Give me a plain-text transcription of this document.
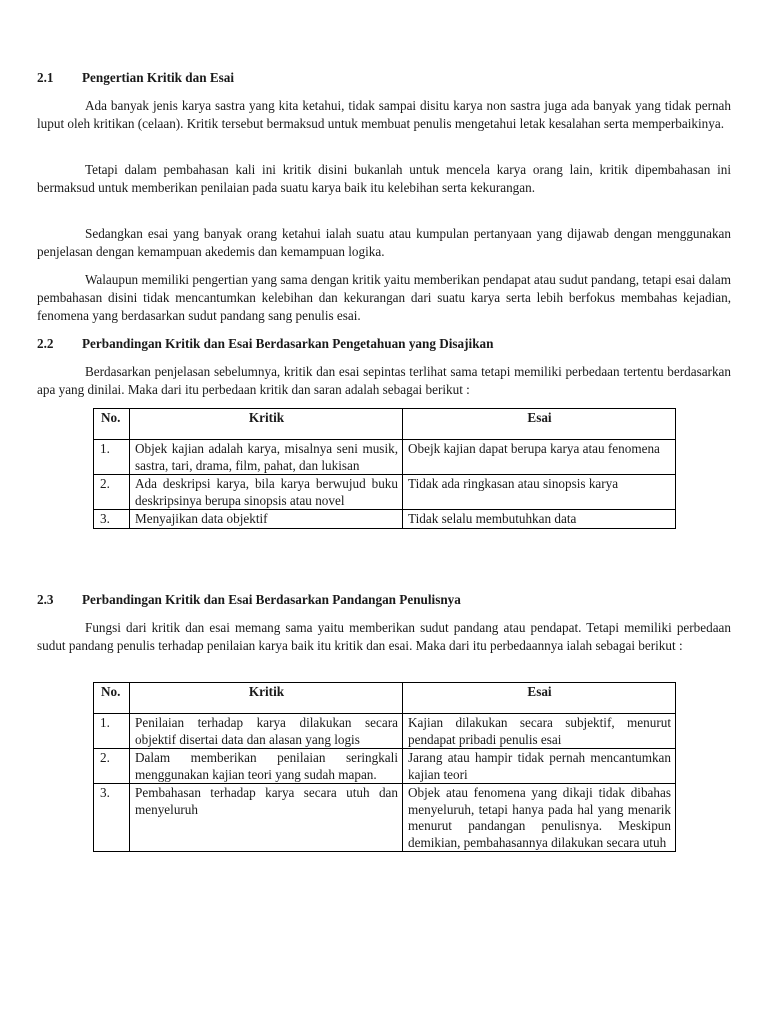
2.1 Pengertian Kritik dan Esai

Ada banyak jenis karya sastra yang kita ketahui, tidak sampai disitu karya non sastra juga ada banyak yang tidak pernah luput oleh kritikan (celaan). Kritik tersebut bermaksud untuk membuat penulis mengetahui letak kesalahan serta memperbaikinya.

Tetapi dalam pembahasan kali ini kritik disini bukanlah untuk mencela karya orang lain, kritik dipembahasan ini bermaksud untuk memberikan penilaian pada suatu karya baik itu kelebihan serta kekurangan.

Sedangkan esai yang banyak orang ketahui ialah suatu atau kumpulan pertanyaan yang dijawab dengan menggunakan penjelasan dengan kemampuan akedemis dan kemampuan logika.

Walaupun memiliki pengertian yang sama dengan kritik yaitu memberikan pendapat atau sudut pandang, tetapi esai dalam pembahasan disini tidak mencantumkan kelebihan dan kekurangan dari suatu karya serta lebih berfokus membahas kejadian, fenomena yang berdasarkan sudut pandang sang penulis esai.

2.2 Perbandingan Kritik dan Esai Berdasarkan Pengetahuan yang Disajikan

Berdasarkan penjelasan sebelumnya, kritik dan esai sepintas terlihat sama tetapi memiliki perbedaan tertentu berdasarkan apa yang dinilai. Maka dari itu perbedaan kritik dan saran adalah sebagai berikut :

No.	Kritik	Esai
1.	Objek kajian adalah karya, misalnya seni musik, sastra, tari, drama, film, pahat, dan lukisan	Obejk kajian dapat berupa karya atau fenomena
2.	Ada deskripsi karya, bila karya berwujud buku deskripsinya berupa sinopsis atau novel	Tidak ada ringkasan atau sinopsis karya
3.	Menyajikan data objektif	Tidak selalu membutuhkan data
2.3 Perbandingan Kritik dan Esai Berdasarkan Pandangan Penulisnya

Fungsi dari kritik dan esai memang sama yaitu memberikan sudut pandang atau pendapat. Tetapi memiliki perbedaan sudut pandang penulis terhadap penilaian karya baik itu kritik dan esai. Maka dari itu perbedaannya ialah sebagai berikut :

No.	Kritik	Esai
1.	Penilaian terhadap karya dilakukan secara objektif disertai data dan alasan yang logis	Kajian dilakukan secara subjektif, menurut pendapat pribadi penulis esai
2.	Dalam memberikan penilaian seringkali menggunakan kajian teori yang sudah mapan.	Jarang atau hampir tidak pernah mencantumkan kajian teori
3.	Pembahasan terhadap karya secara utuh dan menyeluruh	Objek atau fenomena yang dikaji tidak dibahas menyeluruh, tetapi hanya pada hal yang menarik menurut pandangan penulisnya. Meskipun demikian, pembahasannya dilakukan secara utuh
